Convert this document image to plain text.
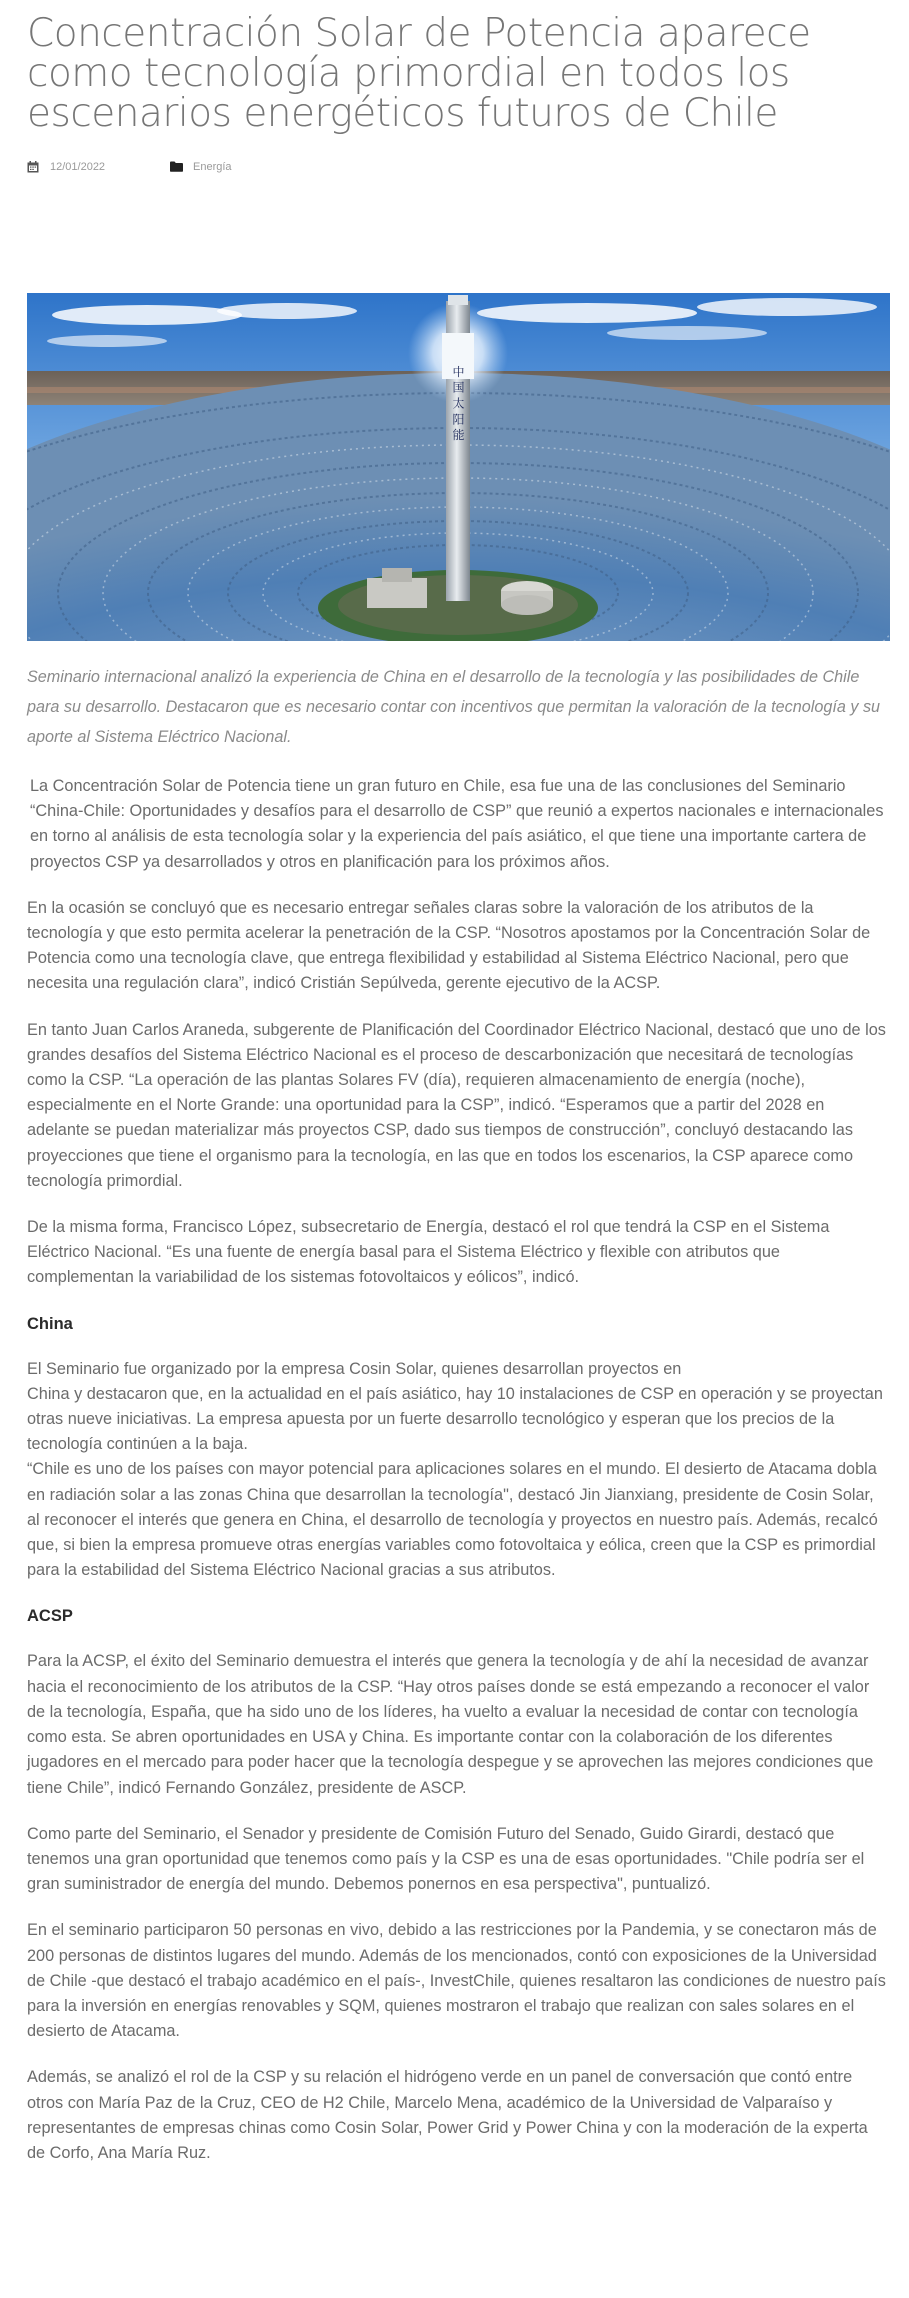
Concentración Solar de Potencia aparece como tecnología primordial en todos los escenarios energéticos futuros de Chile
12/01/2022	Energía
中 国 太 阳 能

Seminario internacional analizó la experiencia de China en el desarrollo de la tecnología y las posibilidades de Chile para su desarrollo. Destacaron que es necesario contar con incentivos que permitan la valoración de la tecnología y su aporte al Sistema Eléctrico Nacional.

La Concentración Solar de Potencia tiene un gran futuro en Chile, esa fue una de las conclusiones del Seminario “China-Chile: Oportunidades y desafíos para el desarrollo de CSP” que reunió a expertos nacionales e internacionales en torno al análisis de esta tecnología solar y la experiencia del país asiático, el que tiene una importante cartera de proyectos CSP ya desarrollados y otros en planificación para los próximos años.

En la ocasión se concluyó que es necesario entregar señales claras sobre la valoración de los atributos de la tecnología y que esto permita acelerar la penetración de la CSP. “Nosotros apostamos por la Concentración Solar de Potencia como una tecnología clave, que entrega flexibilidad y estabilidad al Sistema Eléctrico Nacional, pero que necesita una regulación clara”, indicó Cristián Sepúlveda, gerente ejecutivo de la ACSP.

En tanto Juan Carlos Araneda, subgerente de Planificación del Coordinador Eléctrico Nacional, destacó que uno de los grandes desafíos del Sistema Eléctrico Nacional es el proceso de descarbonización que necesitará de tecnologías como la CSP. “La operación de las plantas Solares FV (día), requieren almacenamiento de energía (noche), especialmente en el Norte Grande: una oportunidad para la CSP”, indicó. “Esperamos que a partir del 2028 en adelante se puedan materializar más proyectos CSP, dado sus tiempos de construcción”, concluyó destacando las proyecciones que tiene el organismo para la tecnología, en las que en todos los escenarios, la CSP aparece como tecnología primordial.

De la misma forma, Francisco López, subsecretario de Energía, destacó el rol que tendrá la CSP en el Sistema Eléctrico Nacional. “Es una fuente de energía basal para el Sistema Eléctrico y flexible con atributos que complementan la variabilidad de los sistemas fotovoltaicos y eólicos”, indicó.

China

El Seminario fue organizado por la empresa Cosin Solar, quienes desarrollan proyectos en
China y destacaron que, en la actualidad en el país asiático, hay 10 instalaciones de CSP en operación y se proyectan otras nueve iniciativas. La empresa apuesta por un fuerte desarrollo tecnológico y esperan que los precios de la tecnología continúen a la baja.
“Chile es uno de los países con mayor potencial para aplicaciones solares en el mundo. El desierto de Atacama dobla en radiación solar a las zonas China que desarrollan la tecnología", destacó Jin Jianxiang, presidente de Cosin Solar, al reconocer el interés que genera en China, el desarrollo de tecnología y proyectos en nuestro país. Además, recalcó que, si bien la empresa promueve otras energías variables como fotovoltaica y eólica, creen que la CSP es primordial para la estabilidad del Sistema Eléctrico Nacional gracias a sus atributos.

ACSP

Para la ACSP, el éxito del Seminario demuestra el interés que genera la tecnología y de ahí la necesidad de avanzar hacia el reconocimiento de los atributos de la CSP. “Hay otros países donde se está empezando a reconocer el valor de la tecnología, España, que ha sido uno de los líderes, ha vuelto a evaluar la necesidad de contar con tecnología como esta. Se abren oportunidades en USA y China. Es importante contar con la colaboración de los diferentes jugadores en el mercado para poder hacer que la tecnología despegue y se aprovechen las mejores condiciones que tiene Chile”, indicó Fernando González, presidente de ASCP.

Como parte del Seminario, el Senador y presidente de Comisión Futuro del Senado, Guido Girardi, destacó que tenemos una gran oportunidad que tenemos como país y la CSP es una de esas oportunidades. "Chile podría ser el gran suministrador de energía del mundo. Debemos ponernos en esa perspectiva", puntualizó.

En el seminario participaron 50 personas en vivo, debido a las restricciones por la Pandemia, y se conectaron más de 200 personas de distintos lugares del mundo. Además de los mencionados, contó con exposiciones de la Universidad de Chile -que destacó el trabajo académico en el país-, InvestChile, quienes resaltaron las condiciones de nuestro país para la inversión en energías renovables y SQM, quienes mostraron el trabajo que realizan con sales solares en el desierto de Atacama.

Además, se analizó el rol de la CSP y su relación el hidrógeno verde en un panel de conversación que contó entre otros con María Paz de la Cruz, CEO de H2 Chile, Marcelo Mena, académico de la Universidad de Valparaíso y representantes de empresas chinas como Cosin Solar, Power Grid y Power China y con la moderación de la experta de Corfo, Ana María Ruz.
